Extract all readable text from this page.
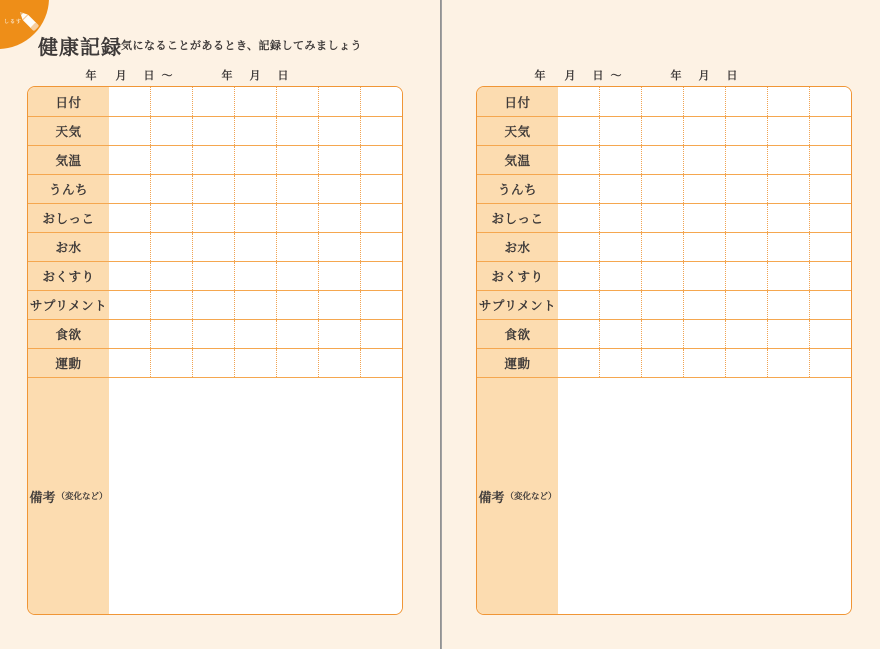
しるす
健康記録 気になることがあるとき、記録してみましょう
年 月 日 ～	年 月 日
日付
天気
気温
うんち
おしっこ
お水
おくすり
サプリメント
食欲
運動
備考 （変化など）
年 月 日 ～	年 月 日
日付
天気
気温
うんち
おしっこ
お水
おくすり
サプリメント
食欲
運動
備考 （変化など）
